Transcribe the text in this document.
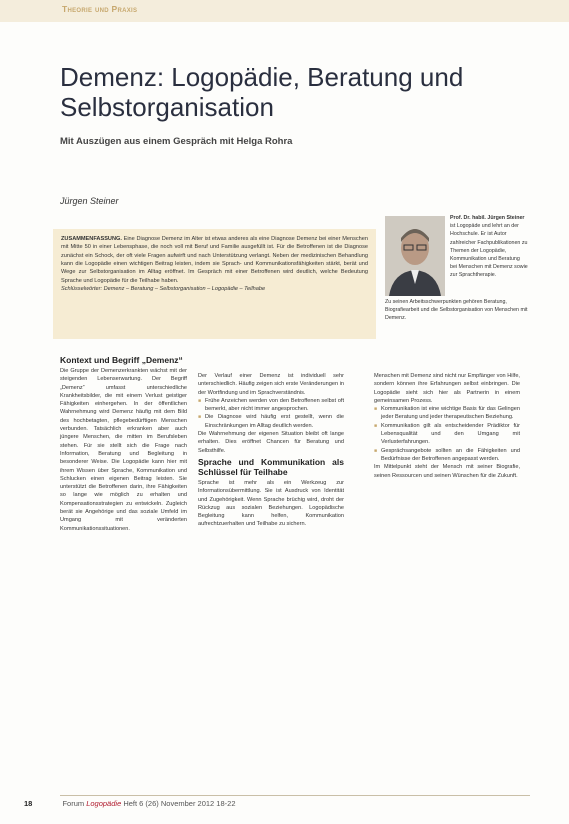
Theorie und Praxis
Demenz: Logopädie, Beratung und Selbstorganisation
Mit Auszügen aus einem Gespräch mit Helga Rohra
Jürgen Steiner
ZUSAMMENFASSUNG. Eine Diagnose Demenz im Alter ist etwas anderes als eine Diagnose Demenz bei einer Menschen mit Mitte 50 in einer Lebensphase, die noch voll mit Beruf und Familie ausgefüllt ist. Für die Betroffenen ist die Diagnose zunächst ein Schock, der oft viele Fragen aufwirft und nach Unterstützung verlangt. Neben der medizinischen Behandlung kann die Logopädie einen wichtigen Beitrag leisten, indem sie Sprach- und Kommunikationsfähigkeiten stärkt, berät und Wege zur Selbstorganisation im Alltag eröffnet. Im Gespräch mit einer Betroffenen wird deutlich, welche Bedeutung Sprache und Logopädie für die Teilhabe haben.
Schlüsselwörter: Demenz – Beratung – Selbstorganisation – Logopädie – Teilhabe
Prof. Dr. habil. Jürgen Steiner ist Logopäde und lehrt an der Hochschule. Er ist Autor zahlreicher Fachpublikationen zu Themen der Logopädie, Kommunikation und Beratung bei Menschen mit Demenz sowie zur Sprachtherapie.
Zu seinen Arbeitsschwerpunkten gehören Beratung, Biografiearbeit und die Selbstorganisation von Menschen mit Demenz.
Kontext und Begriff „Demenz“

Die Gruppe der Demenzerkrankten wächst mit der steigenden Lebenserwartung. Der Begriff „Demenz“ umfasst unterschiedliche Krankheitsbilder, die mit einem Verlust geistiger Fähigkeiten einhergehen. In der öffentlichen Wahrnehmung wird Demenz häufig mit dem Bild des hochbetagten, pflegebedürftigen Menschen verbunden. Tatsächlich erkranken aber auch jüngere Menschen, die mitten im Berufsleben stehen. Für sie stellt sich die Frage nach Information, Beratung und Begleitung in besonderer Weise. Die Logopädie kann hier mit ihrem Wissen über Sprache, Kommunikation und Schlucken einen eigenen Beitrag leisten. Sie unterstützt die Betroffenen darin, ihre Fähigkeiten so lange wie möglich zu erhalten und Kompensationsstrategien zu entwickeln. Zugleich berät sie Angehörige und das soziale Umfeld im Umgang mit veränderten Kommunikationssituationen.

Der Verlauf einer Demenz ist individuell sehr unterschiedlich. Häufig zeigen sich erste Veränderungen in der Wortfindung und im Sprachverständnis.

■ Frühe Anzeichen werden von den Betroffenen selbst oft bemerkt, aber nicht immer angesprochen.
■ Die Diagnose wird häufig erst gestellt, wenn die Einschränkungen im Alltag deutlich werden.

Die Wahrnehmung der eigenen Situation bleibt oft lange erhalten. Dies eröffnet Chancen für Beratung und Selbsthilfe.

Sprache und Kommunikation als Schlüssel für Teilhabe

Sprache ist mehr als ein Werkzeug zur Informationsübermittlung. Sie ist Ausdruck von Identität und Zugehörigkeit. Wenn Sprache brüchig wird, droht der Rückzug aus sozialen Beziehungen. Logopädische Begleitung kann helfen, Kommunikation aufrechtzuerhalten und Teilhabe zu sichern.

Menschen mit Demenz sind nicht nur Empfänger von Hilfe, sondern können ihre Erfahrungen selbst einbringen. Die Logopädie sieht sich hier als Partnerin in einem gemeinsamen Prozess.

■ Kommunikation ist eine wichtige Basis für das Gelingen jeder Beratung und jeder therapeutischen Beziehung.
■ Kommunikation gilt als entscheidender Prädiktor für Lebensqualität und den Umgang mit Verlusterfahrungen.
■ Gesprächsangebote sollten an die Fähigkeiten und Bedürfnisse der Betroffenen angepasst werden.

Im Mittelpunkt steht der Mensch mit seiner Biografie, seinen Ressourcen und seinen Wünschen für die Zukunft.

18	Forum Logopädie Heft 6 (26) November 2012 18-22
